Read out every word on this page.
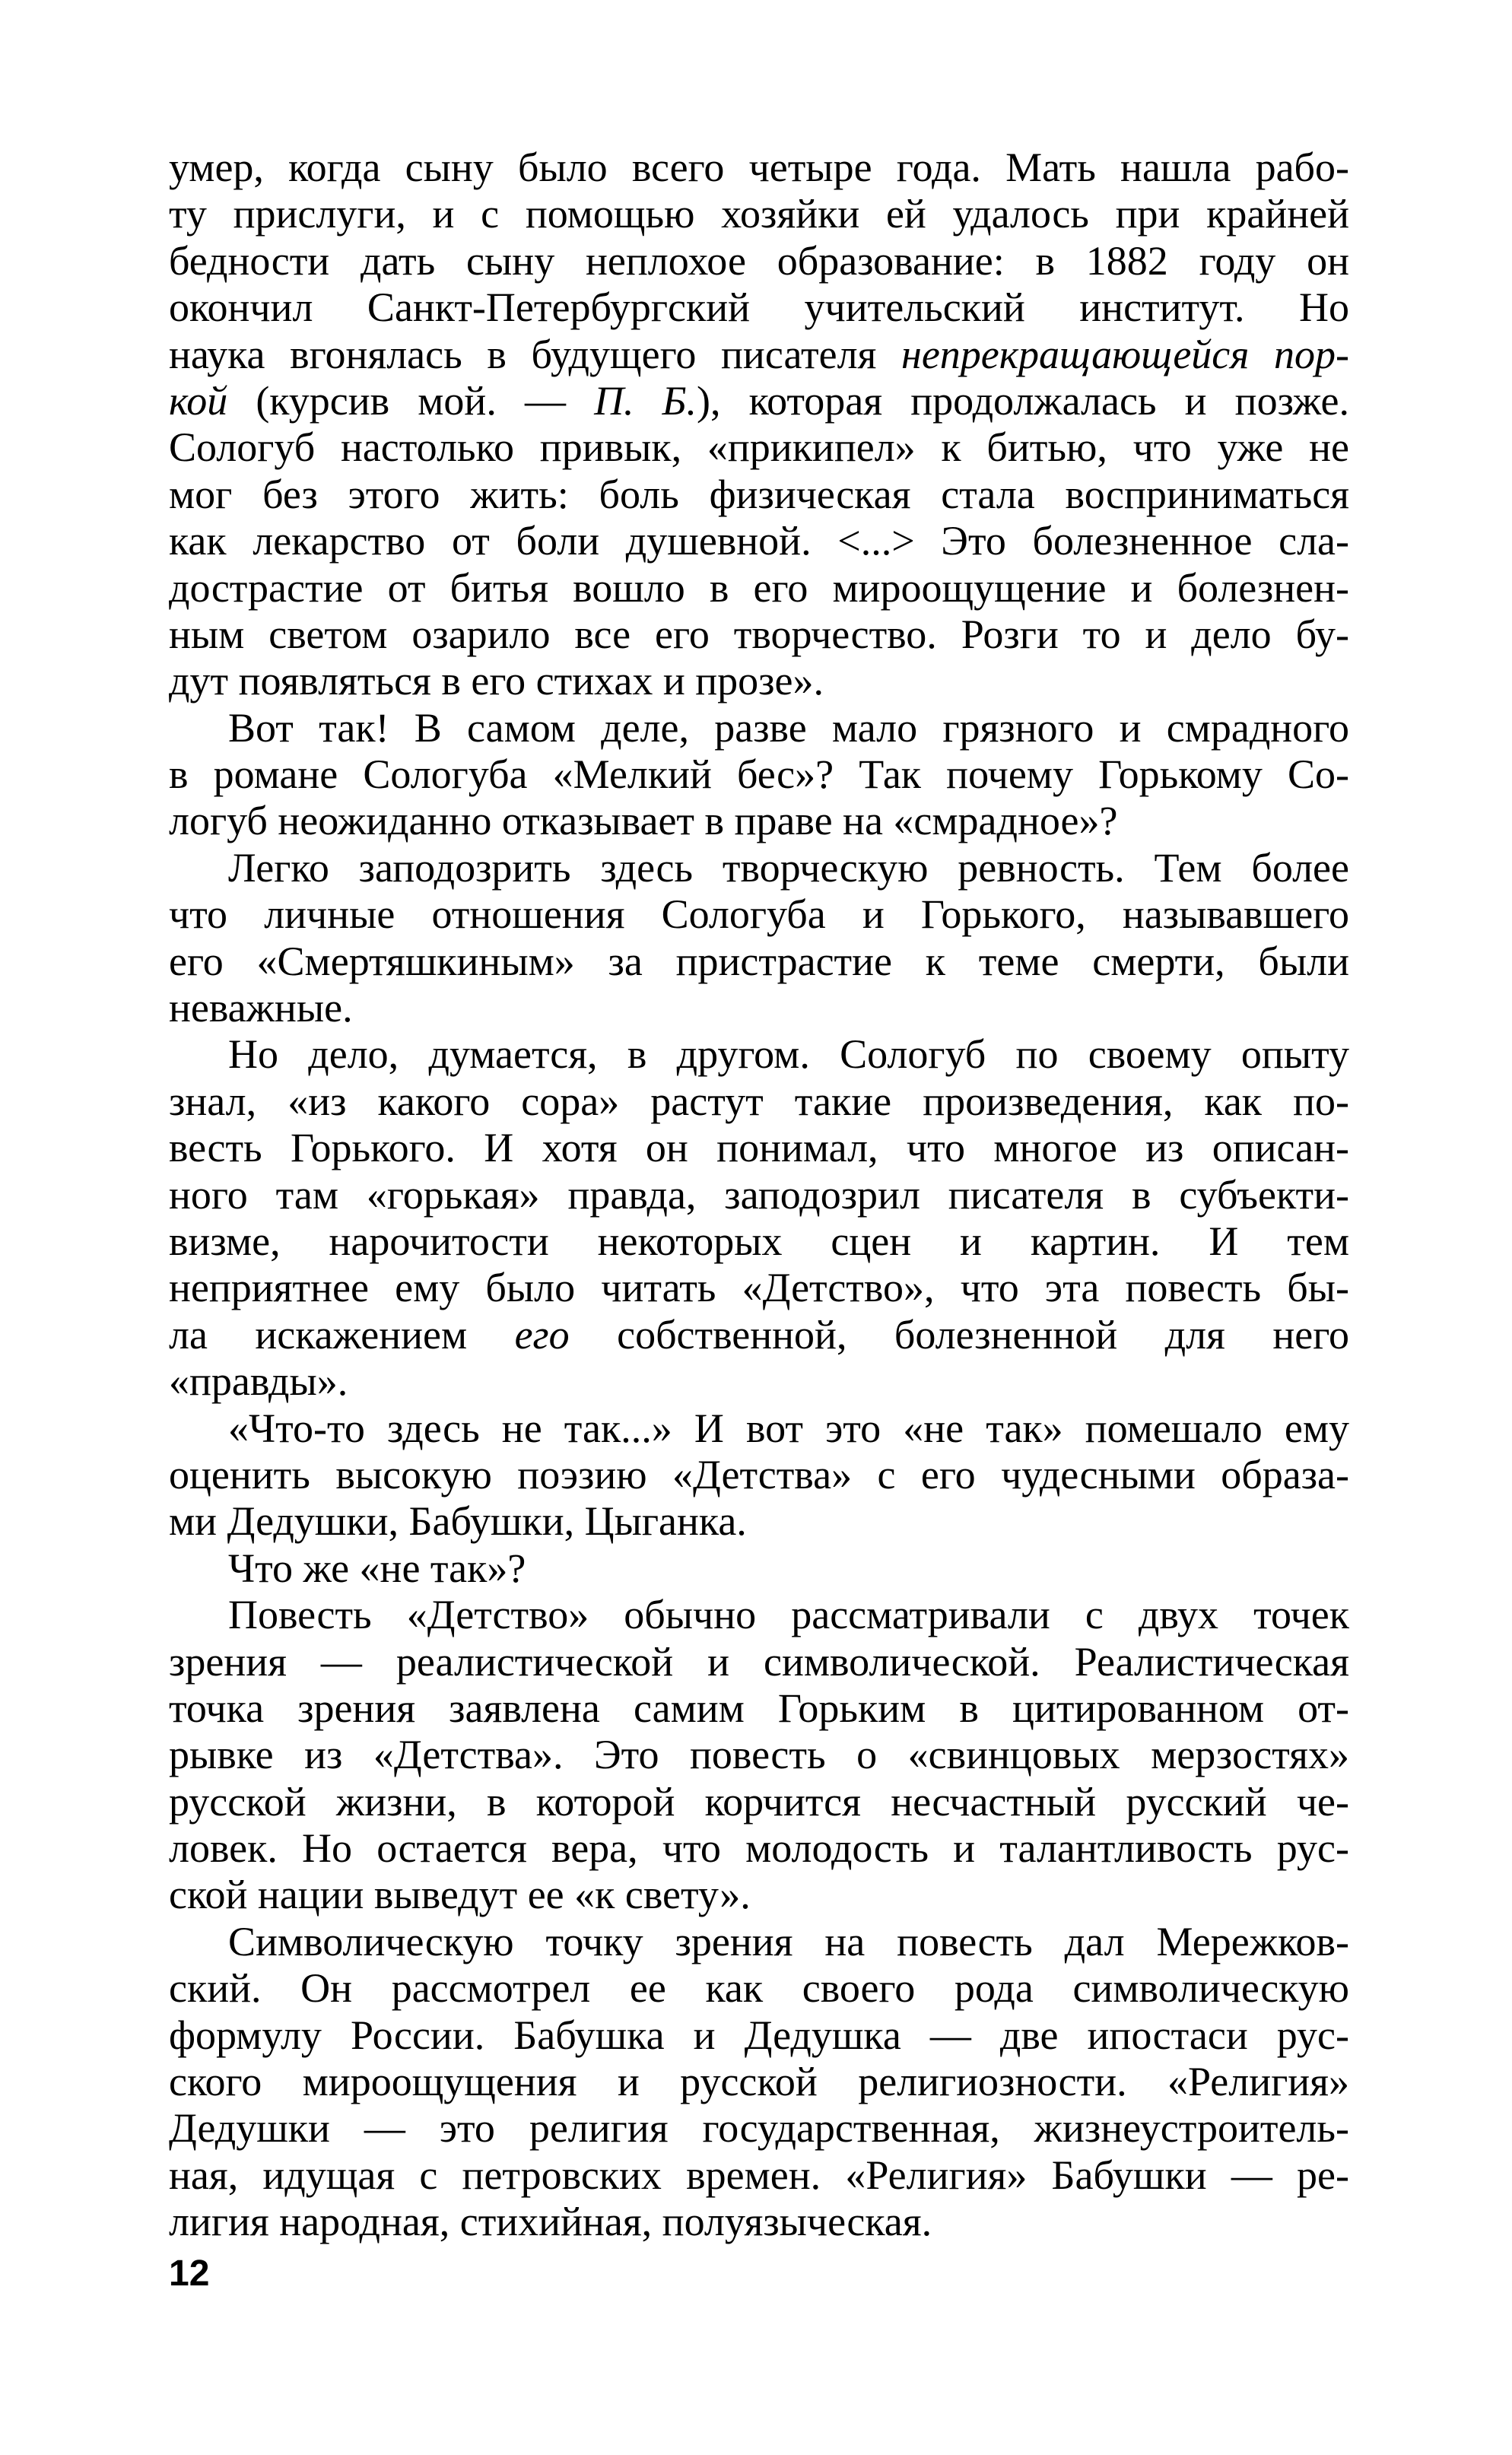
умер, когда сыну было всего четыре года. Мать нашла рабо-
ту прислуги, и с помощью хозяйки ей удалось при крайней
бедности дать сыну неплохое образование: в 1882 году он
окончил Санкт-Петербургский учительский институт. Но
наука вгонялась в будущего писателя непрекращающейся пор-
кой (курсив мой. — П. Б.), которая продолжалась и позже.
Сологуб настолько привык, «прикипел» к битью, что уже не
мог без этого жить: боль физическая стала восприниматься
как лекарство от боли душевной. <...> Это болезненное сла-
дострастие от битья вошло в его мироощущение и болезнен-
ным светом озарило все его творчество. Розги то и дело бу-
дут появляться в его стихах и прозе».
Вот так! В самом деле, разве мало грязного и смрадного
в романе Сологуба «Мелкий бес»? Так почему Горькому Со-
логуб неожиданно отказывает в праве на «смрадное»?
Легко заподозрить здесь творческую ревность. Тем более
что личные отношения Сологуба и Горького, называвшего
его «Смертяшкиным» за пристрастие к теме смерти, были
неважные.
Но дело, думается, в другом. Сологуб по своему опыту
знал, «из какого сора» растут такие произведения, как по-
весть Горького. И хотя он понимал, что многое из описан-
ного там «горькая» правда, заподозрил писателя в субъекти-
визме, нарочитости некоторых сцен и картин. И тем
неприятнее ему было читать «Детство», что эта повесть бы-
ла искажением его собственной, болезненной для него
«правды».
«Что-то здесь не так...» И вот это «не так» помешало ему
оценить высокую поэзию «Детства» с его чудесными образа-
ми Дедушки, Бабушки, Цыганка.
Что же «не так»?
Повесть «Детство» обычно рассматривали с двух точек
зрения — реалистической и символической. Реалистическая
точка зрения заявлена самим Горьким в цитированном от-
рывке из «Детства». Это повесть о «свинцовых мерзостях»
русской жизни, в которой корчится несчастный русский че-
ловек. Но остается вера, что молодость и талантливость рус-
ской нации выведут ее «к свету».
Символическую точку зрения на повесть дал Мережков-
ский. Он рассмотрел ее как своего рода символическую
формулу России. Бабушка и Дедушка — две ипостаси рус-
ского мироощущения и русской религиозности. «Религия»
Дедушки — это религия государственная, жизнеустроитель-
ная, идущая с петровских времен. «Религия» Бабушки — ре-
лигия народная, стихийная, полуязыческая.
12
